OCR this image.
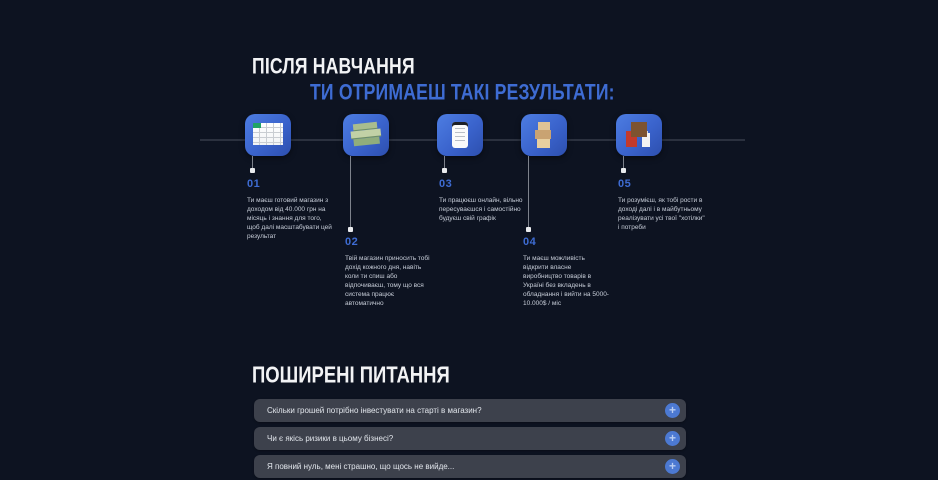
ПІСЛЯ НАВЧАННЯ
ТИ ОТРИМАЕШ ТАКІ РЕЗУЛЬТАТИ:
01
Ти маєш готовий магазин з доходом від 40.000 грн на місяць і знання для того, щоб далі масштабувати цей результат	02
Твій магазин приносить тобі дохід кожного дня, навіть коли ти спиш або відпочиваєш, тому що вся система працює автоматично
03
Ти працюєш онлайн, вільно пересуваєшся і самостійно будуєш свій графік
04
Ти маєш можливість відкрити власне виробництво товарів в Україні без вкладень в обладнання і вийти на 5000-10.000$ / міс
05
Ти розумієш, як тобі рости в доході далі і в майбутньому реалізувати усі твої "хотілки" і потреби
ПОШИРЕНІ ПИТАННЯ
Скільки грошей потрібно інвестувати на старті в магазин?	+
Чи є якісь ризики в цьому бізнесі?	+
Я повний нуль, мені страшно, що щось не вийде...	+
